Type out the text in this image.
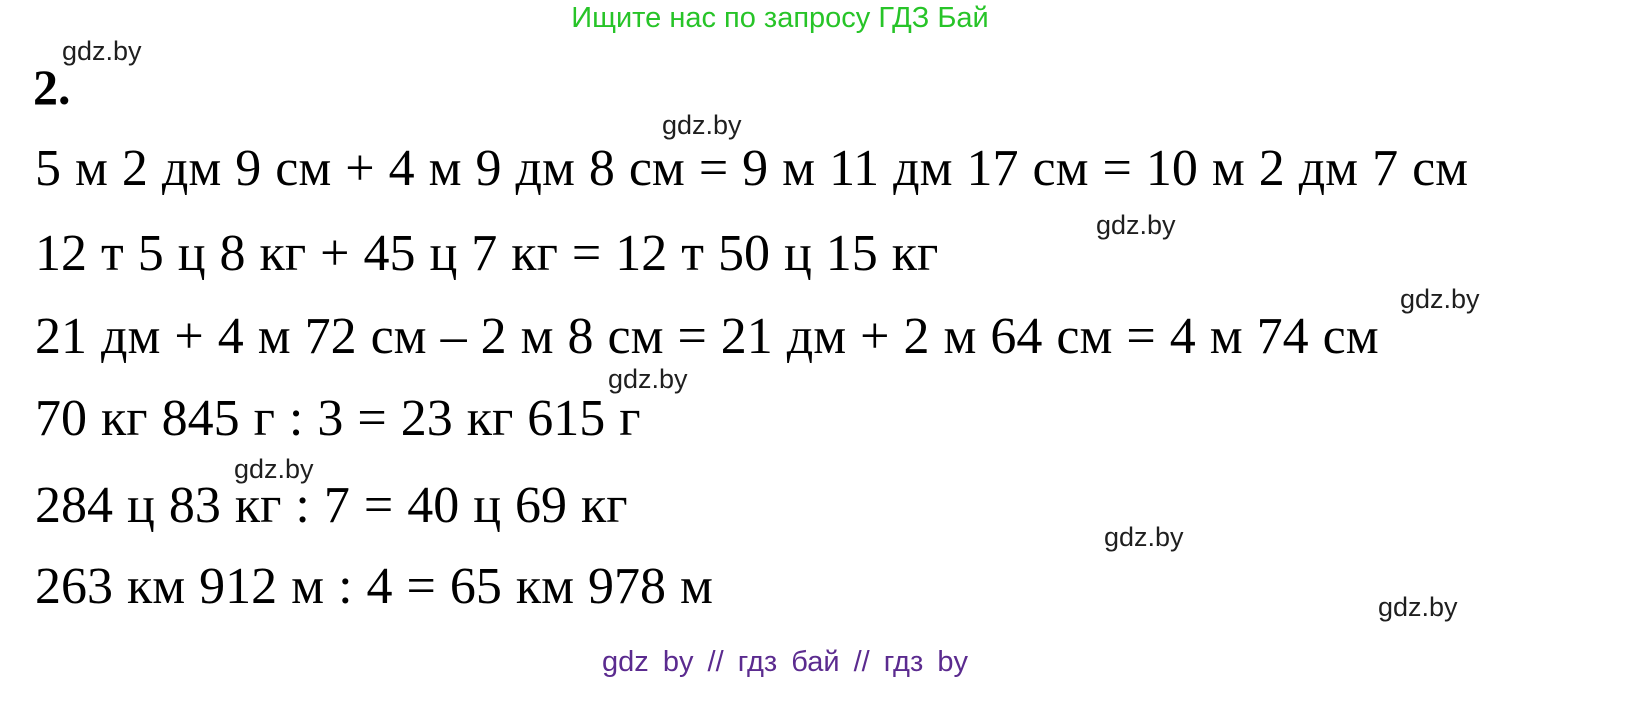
Ищите нас по запросу ГДЗ Бай
gdz.by
gdz.by
gdz.by
gdz.by
gdz.by
gdz.by
gdz.by
gdz.by
2.
5 м 2 дм 9 см + 4 м 9 дм 8 см = 9 м 11 дм 17 см = 10 м 2 дм 7 см
12 т 5 ц 8 кг + 45 ц 7 кг = 12 т 50 ц 15 кг
21 дм + 4 м 72 см – 2 м 8 см = 21 дм + 2 м 64 см = 4 м 74 см
70 кг 845 г : 3 = 23 кг 615 г
284 ц 83 кг : 7 = 40 ц 69 кг
263 км 912 м : 4 = 65 км 978 м
gdz by // гдз бай // гдз by
